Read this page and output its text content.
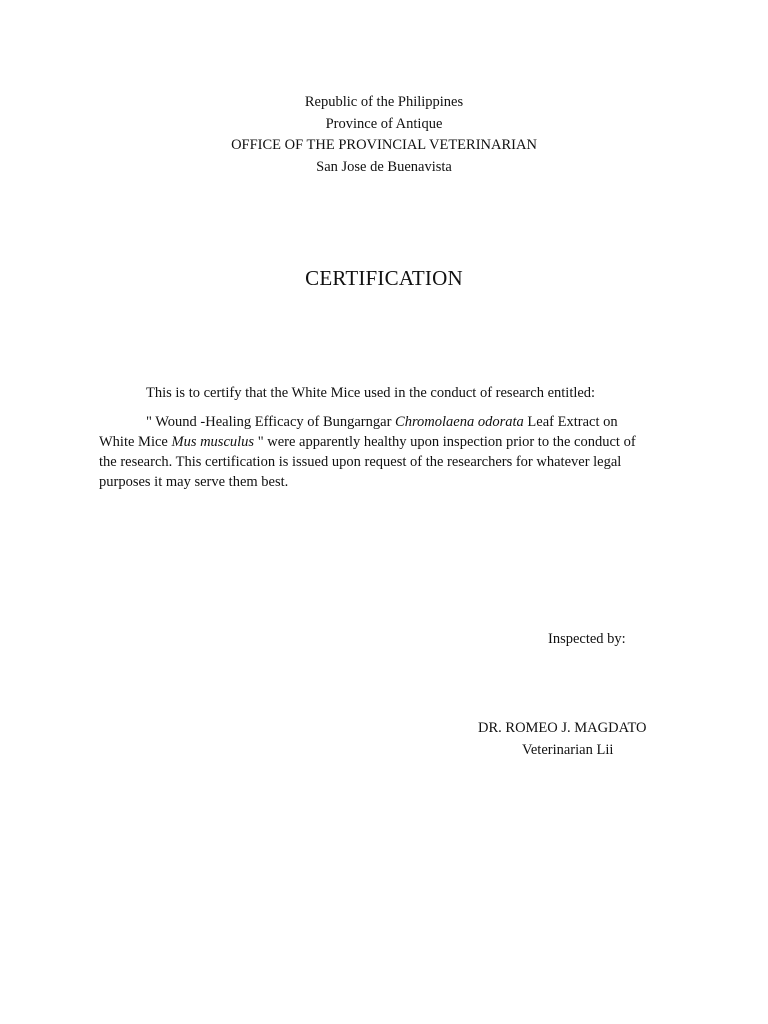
Republic of the Philippines
Province of Antique
OFFICE OF THE PROVINCIAL VETERINARIAN
San Jose de Buenavista
CERTIFICATION
This is to certify that the White Mice used in the conduct of research entitled:
" Wound -Healing Efficacy of Bungarngar Chromolaena odorata Leaf Extract on
White Mice Mus musculus " were apparently healthy upon inspection prior to the conduct of
the research. This certification is issued upon request of the researchers for whatever legal
purposes it may serve them best.
Inspected by:
DR. ROMEO J. MAGDATO
Veterinarian Lii
